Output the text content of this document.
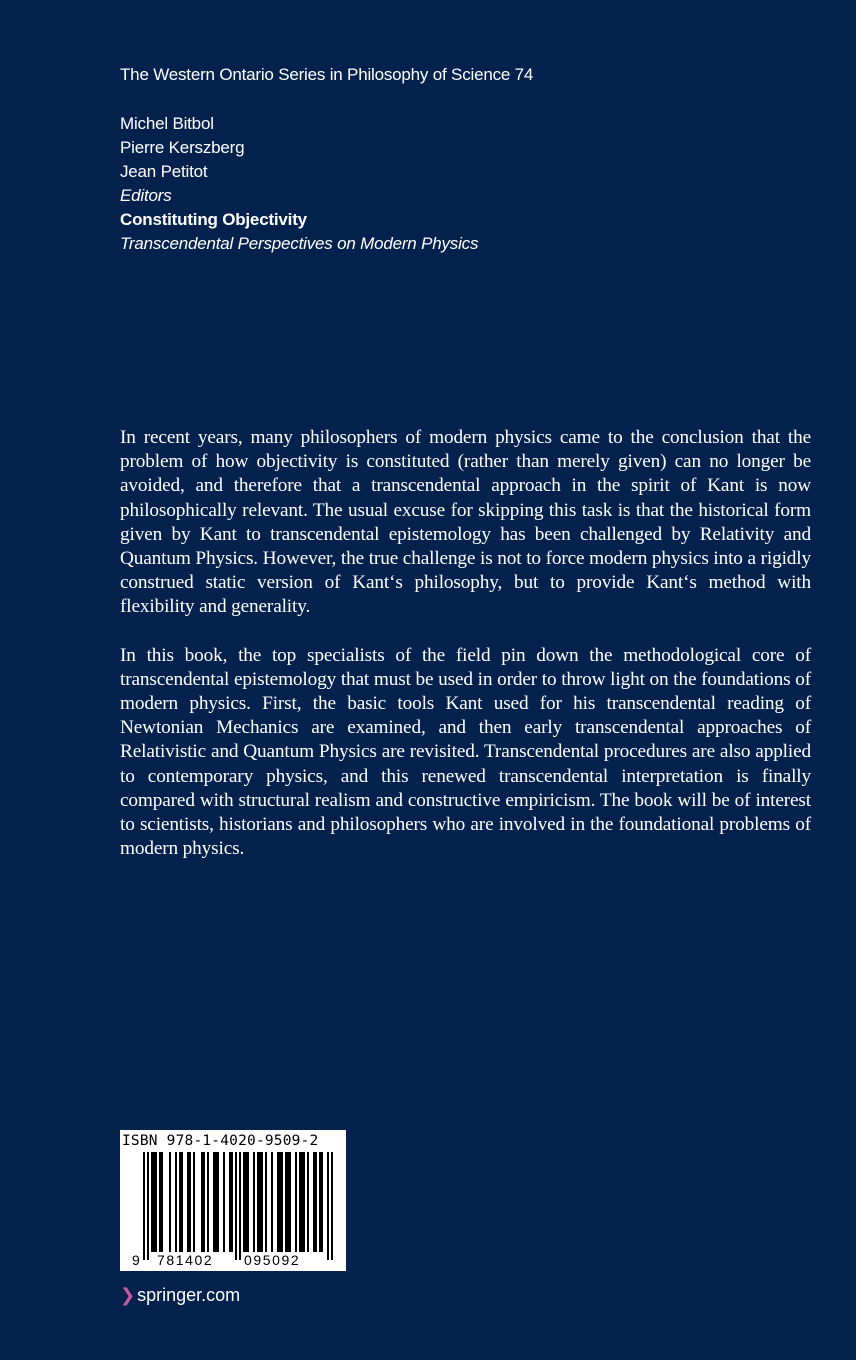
The Western Ontario Series in Philosophy of Science 74
Michel Bitbol
Pierre Kerszberg
Jean Petitot
Editors
Constituting Objectivity
Transcendental Perspectives on Modern Physics

In recent years, many philosophers of modern physics came to the conclusion that the problem of how objectivity is constituted (rather than merely given) can no longer be avoided, and therefore that a transcendental approach in the spirit of Kant is now philosophically relevant. The usual excuse for skipping this task is that the historical form given by Kant to transcendental epistemology has been challenged by Relativity and Quantum Physics. However, the true challenge is not to force modern physics into a rigidly construed static version of Kant‘s philosophy, but to provide Kant‘s method with flexibility and generality.

In this book, the top specialists of the field pin down the methodological core of transcendental epistemology that must be used in order to throw light on the foundations of modern physics. First, the basic tools Kant used for his transcendental reading of Newtonian Mechanics are examined, and then early transcendental approaches of Relativistic and Quantum Physics are revisited. Transcendental procedures are also applied to contemporary physics, and this renewed transcendental interpretation is finally compared with structural realism and constructive empiricism. The book will be of interest to scientists, historians and philosophers who are involved in the foundational problems of modern physics.

ISBN 978-1-4020-9509-2
9 781402 095092
❯ springer.com
